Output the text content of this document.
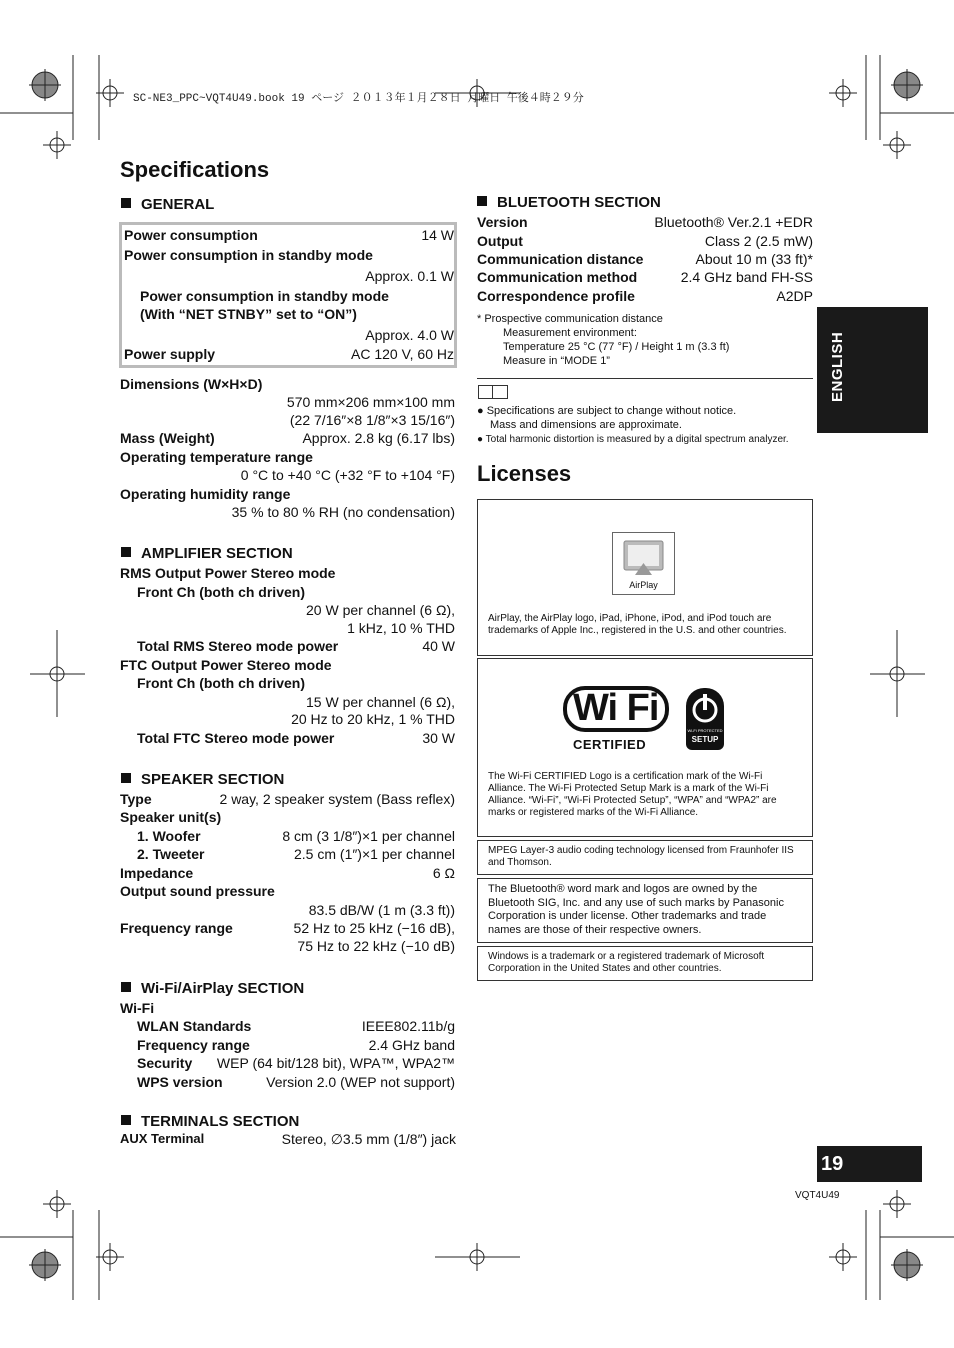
SC-NE3_PPC~VQT4U49.book 19 ページ ２０１３年１月２８日 月曜日 午後４時２９分
Specifications
GENERAL
Power consumption	14 W
Power consumption in standby mode
Approx. 0.1 W
Power consumption in standby mode
(With “NET STNBY” set to “ON”)
Approx. 4.0 W
Power supply	AC 120 V, 60 Hz
Dimensions (W×H×D)
570 mm×206 mm×100 mm
(22 7/16″×8 1/8″×3 15/16″)
Mass (Weight)	Approx. 2.8 kg (6.17 lbs)
Operating temperature range
0 °C to +40 °C (+32 °F to +104 °F)
Operating humidity range
35 % to 80 % RH (no condensation)
AMPLIFIER SECTION
RMS Output Power Stereo mode
Front Ch (both ch driven)
20 W per channel (6 Ω),
1 kHz, 10 % THD
Total RMS Stereo mode power	40 W
FTC Output Power Stereo mode
Front Ch (both ch driven)
15 W per channel (6 Ω),
20 Hz to 20 kHz, 1 % THD
Total FTC Stereo mode power	30 W
SPEAKER SECTION
Type	2 way, 2 speaker system (Bass reflex)
Speaker unit(s)
1. Woofer	8 cm (3 1/8″)×1 per channel
2. Tweeter	2.5 cm (1″)×1 per channel
Impedance	6 Ω
Output sound pressure
83.5 dB/W (1 m (3.3 ft))
Frequency range	52 Hz to 25 kHz (−16 dB),
75 Hz to 22 kHz (−10 dB)
Wi-Fi/AirPlay SECTION
Wi-Fi
WLAN Standards	IEEE802.11b/g
Frequency range	2.4 GHz band
Security WEP (64 bit/128 bit), WPA™, WPA2™
WPS version	Version 2.0 (WEP not support)
TERMINALS SECTION
AUX Terminal	Stereo, ∅3.5 mm (1/8″) jack
BLUETOOTH SECTION
Version	Bluetooth® Ver.2.1 +EDR
Output	Class 2 (2.5 mW)
Communication distance	About 10 m (33 ft)*
Communication method	2.4 GHz band FH-SS
Correspondence profile	A2DP
* Prospective communication distance
Measurement environment:
Temperature 25 °C (77 °F) / Height 1 m (3.3 ft)
Measure in “MODE 1”
● Specifications are subject to change without notice.
Mass and dimensions are approximate.
● Total harmonic distortion is measured by a digital spectrum analyzer.
Licenses
AirPlay, the AirPlay logo, iPad, iPhone, iPod, and iPod touch are trademarks of Apple Inc., registered in the U.S. and other countries.
AirPlay
The Wi-Fi CERTIFIED Logo is a certification mark of the Wi-Fi Alliance. The Wi-Fi Protected Setup Mark is a mark of the Wi-Fi Alliance. “Wi-Fi”, “Wi-Fi Protected Setup”, “WPA” and “WPA2” are marks or registered marks of the Wi-Fi Alliance.
Wi Fi
CERTIFIED
Wi-Fi PROTECTED
SETUP
MPEG Layer-3 audio coding technology licensed from Fraunhofer IIS and Thomson.
The Bluetooth® word mark and logos are owned by the Bluetooth SIG, Inc. and any use of such marks by Panasonic Corporation is under license. Other trademarks and trade names are those of their respective owners.
Windows is a trademark or a registered trademark of Microsoft Corporation in the United States and other countries.
ENGLISH
19
VQT4U49
